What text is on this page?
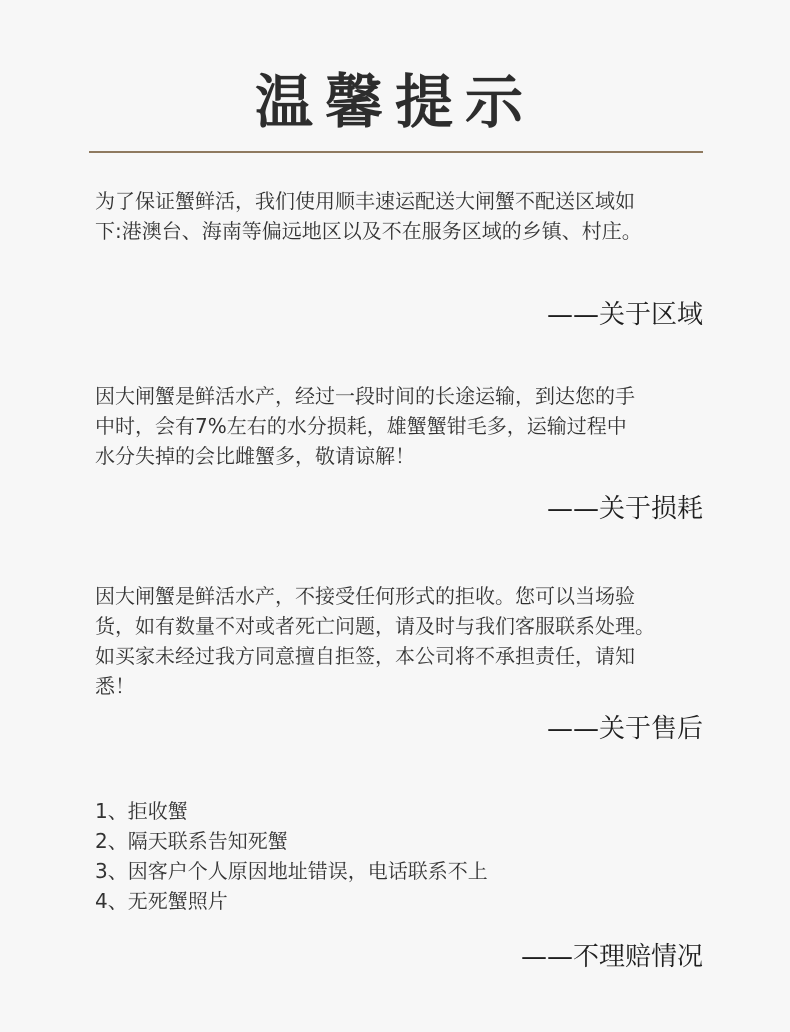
温馨提示
为了保证蟹鲜活，我们使用顺丰速运配送大闸蟹不配送区域如
下:港澳台、海南等偏远地区以及不在服务区域的乡镇、村庄。
——关于区域
因大闸蟹是鲜活水产，经过一段时间的长途运输，到达您的手
中时，会有7%左右的水分损耗，雄蟹蟹钳毛多，运输过程中
水分失掉的会比雌蟹多，敬请谅解！
——关于损耗
因大闸蟹是鲜活水产，不接受任何形式的拒收。您可以当场验
货，如有数量不对或者死亡问题，请及时与我们客服联系处理。
如买家未经过我方同意擅自拒签，本公司将不承担责任，请知
悉！
——关于售后
1、拒收蟹
2、隔天联系告知死蟹
3、因客户个人原因地址错误，电话联系不上
4、无死蟹照片
——不理赔情况
